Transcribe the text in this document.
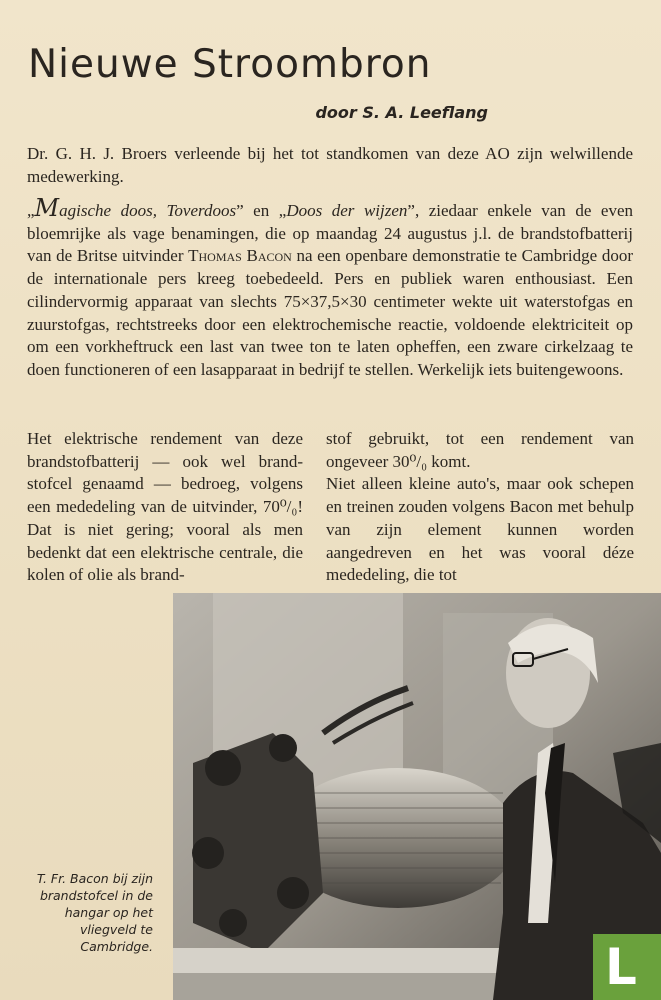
Nieuwe Stroombron
door S. A. Leeflang

Dr. G. H. J. Broers verleende bij het tot standkomen van deze AO zijn welwillende medewerking.

„Magische doos, Toverdoos” en „Doos der wijzen”, ziedaar enkele van de even bloemrijke als vage benamingen, die op maandag 24 augustus j.l. de brandstofbatterij van de Britse uitvinder Thomas Bacon na een openbare demonstratie te Cambridge door de internationale pers kreeg toebedeeld. Pers en publiek waren enthousiast. Een cilindervormig apparaat van slechts 75×37,5×30 centimeter wekte uit waterstofgas en zuurstofgas, rechtstreeks door een elektrochemische reactie, voldoende elektriciteit op om een vorkheftruck een last van twee ton te laten opheffen, een zware cirkelzaag te doen functioneren of een lasapparaat in bedrijf te stellen. Werkelijk iets buitengewoons.

Het elektrische rendement van deze brandstofbatterij — ook wel brandstofcel genaamd — bedroeg, volgens een mededeling van de uitvinder, 70⁰/₀! Dat is niet gering; vooral als men bedenkt dat een elektrische centrale, die kolen of olie als brand-

stof gebruikt, tot een rendement van ongeveer 30⁰/₀ komt.
Niet alleen kleine auto's, maar ook schepen en treinen zouden volgens Bacon met behulp van zijn element kunnen worden aangedreven en het was vooral déze mededeling, die tot
T. Fr. Bacon bij zijn brandstofcel in de hangar op het vliegveld te Cambridge.	L
